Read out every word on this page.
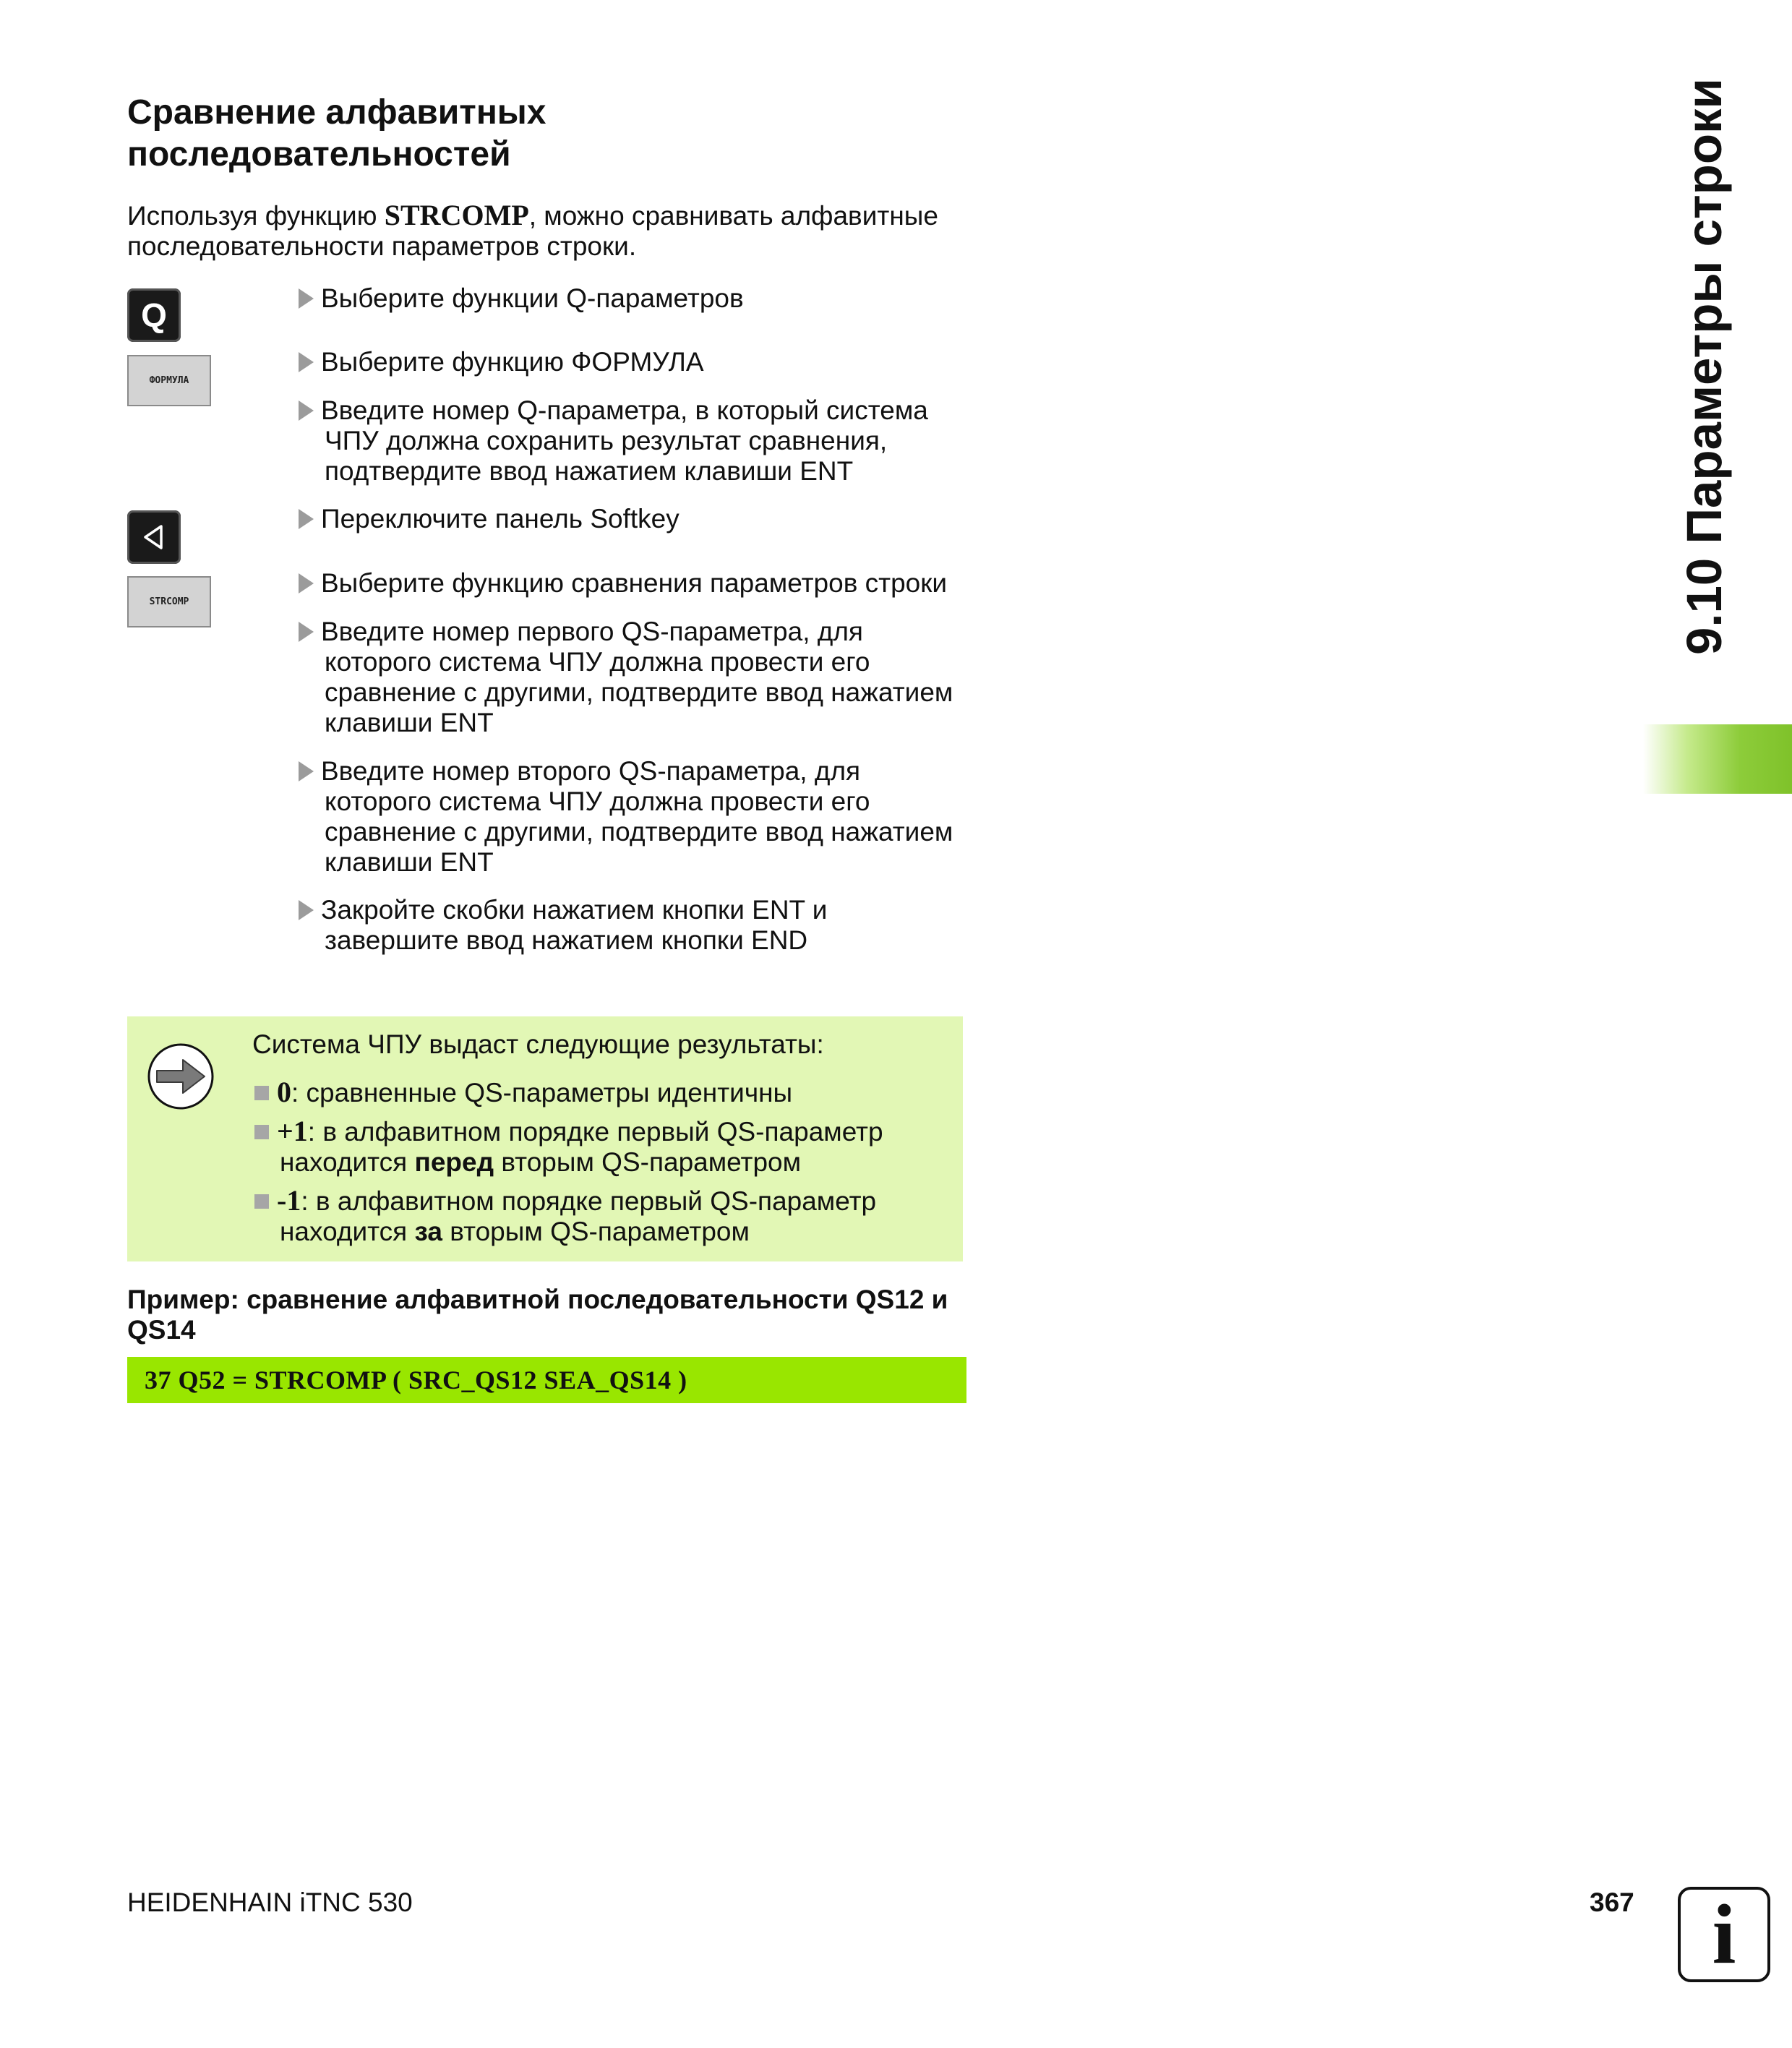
Сравнение алфавитных
последовательностей
Используя функцию STRCOMP, можно сравнивать алфавитные
последовательности параметров строки.
Q
ФОРМУЛА
STRCOMP
Выберите функции Q-параметров
Выберите функцию ФОРМУЛА
Введите номер Q-параметра, в который система
ЧПУ должна сохранить результат сравнения,
подтвердите ввод нажатием клавиши ENT
Переключите панель Softkey
Выберите функцию сравнения параметров строки
Введите номер первого QS-параметра, для
которого система ЧПУ должна провести его
сравнение с другими, подтвердите ввод нажатием
клавиши ENT
Введите номер второго QS-параметра, для
которого система ЧПУ должна провести его
сравнение с другими, подтвердите ввод нажатием
клавиши ENT
Закройте скобки нажатием кнопки ENT и
завершите ввод нажатием кнопки END
Система ЧПУ выдаст следующие результаты:
0: сравненные QS-параметры идентичны
+1: в алфавитном порядке первый QS-параметр
находится перед вторым QS-параметром
-1: в алфавитном порядке первый QS-параметр
находится за вторым QS-параметром
Пример: сравнение алфавитной последовательности QS12 и
QS14
37 Q52 = STRCOMP ( SRC_QS12 SEA_QS14 )
9.10 Параметры строки
HEIDENHAIN iTNC 530	367 i
